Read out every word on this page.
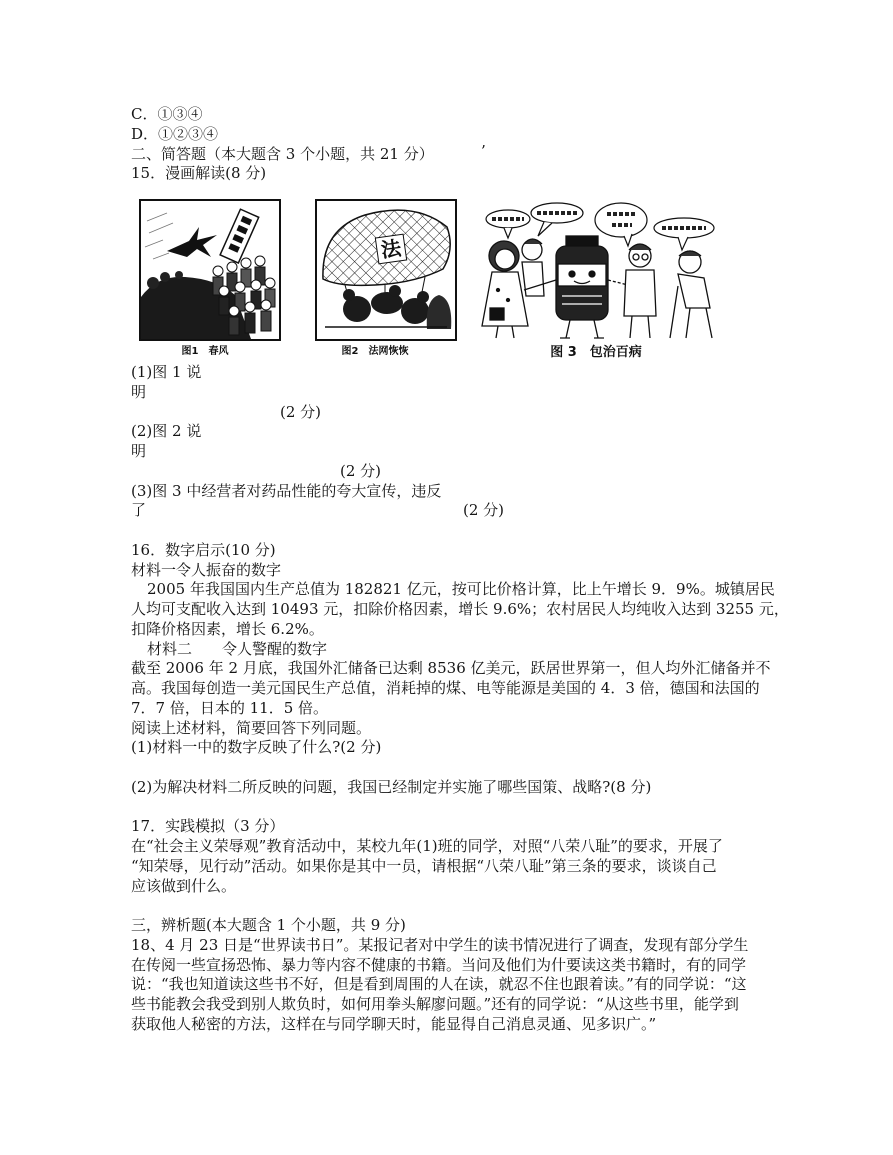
C．①③④
D．①②③④
二、简答题（本大题含 3 个小题，共 21 分）
15．漫画解读(8 分)
’
图1　春风
法
图2　法网恢恢	图 3　包治百病
(1)图 1 说
明
(2 分)
(2)图 2 说
明
(2 分)
(3)图 3 中经营者对药品性能的夸大宣传，违反
了	(2 分)
16．数字启示(10 分)
材料一令人振奋的数字
2005 年我国国内生产总值为 182821 亿元，按可比价格计算，比上午增长 9．9%。城镇居民
人均可支配收入达到 10493 元，扣除价格因素，增长 9.6%；农村居民人均纯收入达到 3255 元，
扣降价格因素，增长 6.2%。
材料二　　令人警醒的数字
截至 2006 年 2 月底，我国外汇储备已达剩 8536 亿美元，跃居世界第一，但人均外汇储备并不
高。我国每创造一美元国民生产总值，消耗掉的煤、电等能源是美国的 4．3 倍，德国和法国的
7．7 倍，日本的 11．5 倍。
阅读上述材料，简要回答下列同题。
(1)材料一中的数字反映了什么?(2 分)
(2)为解决材料二所反映的问题，我国已经制定并实施了哪些国策、战略?(8 分)
17．实践模拟（3 分）
在“社会主义荣辱观”教育活动中，某校九年(1)班的同学，对照“八荣八耻”的要求，开展了
“知荣辱，见行动”活动。如果你是其中一员，请根据“八荣八耻”第三条的要求，谈谈自己
应该做到什么。
三，辨析题(本大题含 1 个小题，共 9 分)
18、4 月 23 日是“世界读书日”。某报记者对中学生的读书情况进行了调查，发现有部分学生
在传阅一些宣扬恐怖、暴力等内容不健康的书籍。当问及他们为什要读这类书籍时，有的同学
说：“我也知道读这些书不好，但是看到周围的人在读，就忍不住也跟着读。”有的同学说：“这
些书能教会我受到别人欺负时，如何用拳头解廖问题。”还有的同学说：“从这些书里，能学到
获取他人秘密的方法，这样在与同学聊天时，能显得自己消息灵通、见多识广。”
